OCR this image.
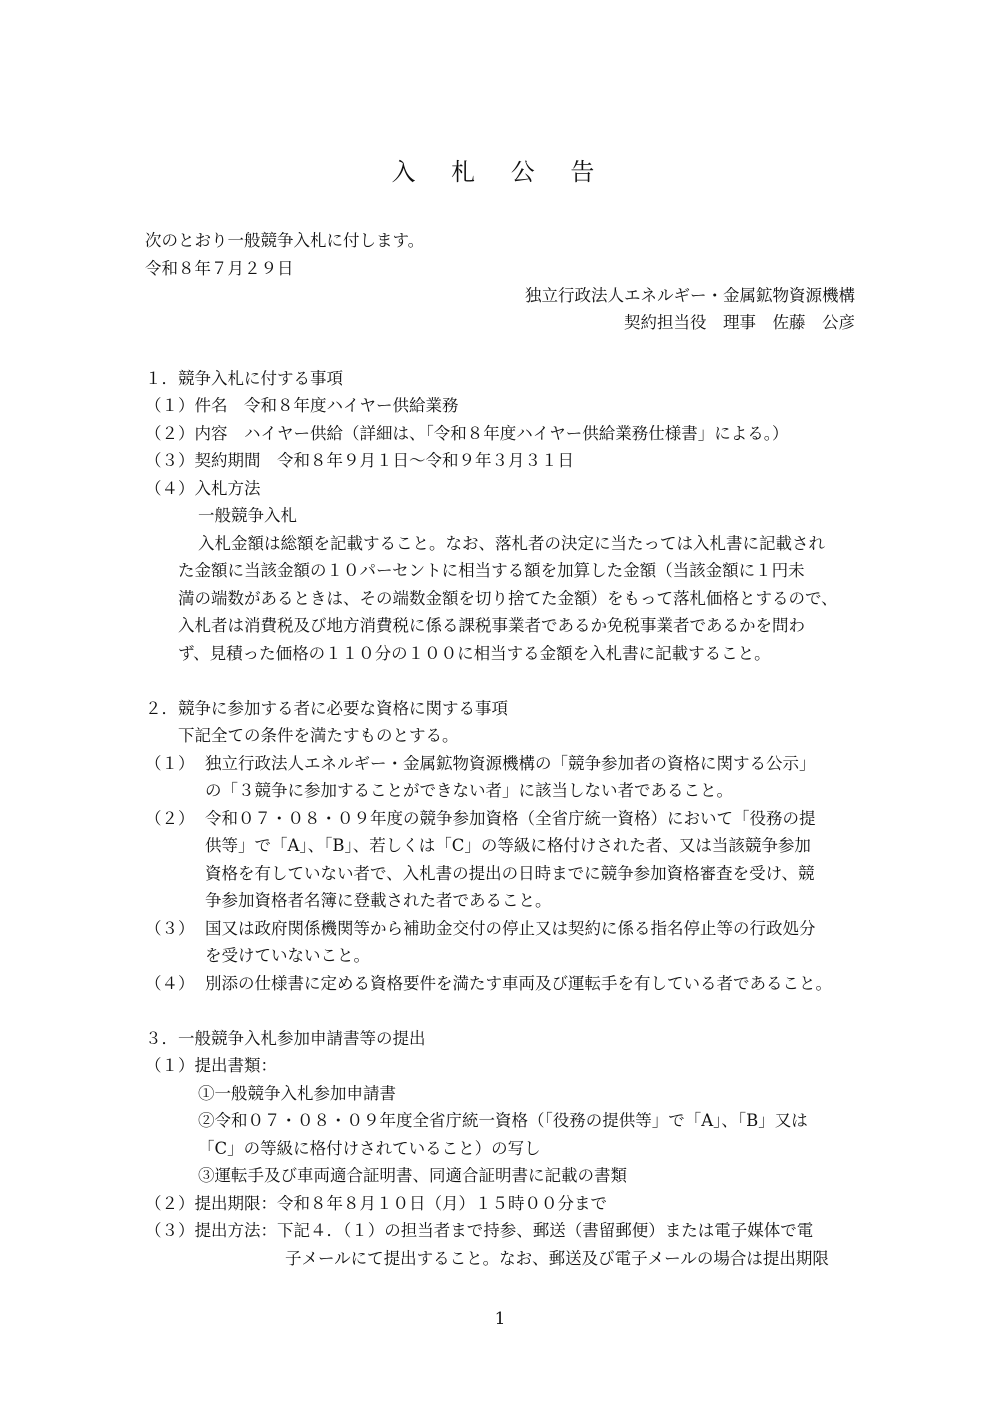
入 札 公 告
次のとおり一般競争入札に付します。
令和８年７月２９日
独立行政法人エネルギー・金属鉱物資源機構
契約担当役　理事　佐藤　公彦
１．競争入札に付する事項
（１）件名　令和８年度ハイヤー供給業務
（２）内容　ハイヤー供給（詳細は、「令和８年度ハイヤー供給業務仕様書」による。）
（３）契約期間　令和８年９月１日～令和９年３月３１日
（４）入札方法
一般競争入札
入札金額は総額を記載すること。なお、落札者の決定に当たっては入札書に記載され
た金額に当該金額の１０パーセントに相当する額を加算した金額（当該金額に１円未
満の端数があるときは、その端数金額を切り捨てた金額）をもって落札価格とするので、
入札者は消費税及び地方消費税に係る課税事業者であるか免税事業者であるかを問わ
ず、見積った価格の１１０分の１００に相当する金額を入札書に記載すること。
２．競争に参加する者に必要な資格に関する事項
下記全ての条件を満たすものとする。
（１） 独立行政法人エネルギー・金属鉱物資源機構の「競争参加者の資格に関する公示」
の「３競争に参加することができない者」に該当しない者であること。
（２） 令和０７・０８・０９年度の競争参加資格（全省庁統一資格）において「役務の提
供等」で「A」、「B」、若しくは「C」の等級に格付けされた者、又は当該競争参加
資格を有していない者で、入札書の提出の日時までに競争参加資格審査を受け、競
争参加資格者名簿に登載された者であること。
（３） 国又は政府関係機関等から補助金交付の停止又は契約に係る指名停止等の行政処分
を受けていないこと。
（４） 別添の仕様書に定める資格要件を満たす車両及び運転手を有している者であること。
３．一般競争入札参加申請書等の提出
（１）提出書類：
①一般競争入札参加申請書
②令和０７・０８・０９年度全省庁統一資格（「役務の提供等」で「A」、「B」又は
「C」の等級に格付けされていること）の写し
③運転手及び車両適合証明書、同適合証明書に記載の書類
（２）提出期限：令和８年８月１０日（月）１５時００分まで
（３）提出方法：下記４．（１）の担当者まで持参、郵送（書留郵便）または電子媒体で電
子メールにて提出すること。なお、郵送及び電子メールの場合は提出期限
1
